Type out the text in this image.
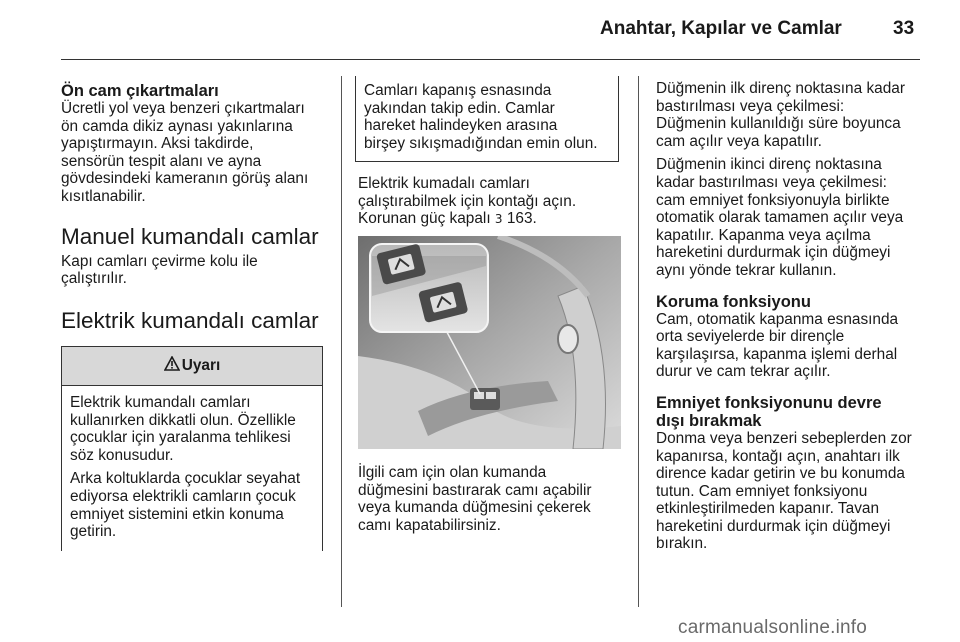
Anahtar, Kapılar ve Camlar	33
Ön cam çıkartmaları

Ücretli yol veya benzeri çıkartmaları

ön camda dikiz aynası yakınlarına

yapıştırmayın. Aksi takdirde,

sensörün tespit alanı ve ayna

gövdesindeki kameranın görüş alanı

kısıtlanabilir.

Manuel kumandalı camlar

Kapı camları çevirme kolu ile

çalıştırılır.

Elektrik kumandalı camlar
Uyarı

Elektrik kumandalı camları

kullanırken dikkatli olun. Özellikle

çocuklar için yaralanma tehlikesi

söz konusudur.

Arka koltuklarda çocuklar seyahat

ediyorsa elektrikli camların çocuk

emniyet sistemini etkin konuma

getirin.

Camları kapanış esnasında

yakından takip edin. Camlar

hareket halindeyken arasına

birşey sıkışmadığından emin olun.

Elektrik kumadalı camları

çalıştırabilmek için kontağı açın.

Korunan güç kapalı 3 163.

İlgili cam için olan kumanda

düğmesini bastırarak camı açabilir

veya kumanda düğmesini çekerek

camı kapatabilirsiniz.

Düğmenin ilk direnç noktasına kadar

bastırılması veya çekilmesi:

Düğmenin kullanıldığı süre boyunca

cam açılır veya kapatılır.

Düğmenin ikinci direnç noktasına

kadar bastırılması veya çekilmesi:

cam emniyet fonksiyonuyla birlikte

otomatik olarak tamamen açılır veya

kapatılır. Kapanma veya açılma

hareketini durdurmak için düğmeyi

aynı yönde tekrar kullanın.

Koruma fonksiyonu

Cam, otomatik kapanma esnasında

orta seviyelerde bir dirençle

karşılaşırsa, kapanma işlemi derhal

durur ve cam tekrar açılır.

Emniyet fonksiyonunu devre

dışı bırakmak

Donma veya benzeri sebeplerden zor

kapanırsa, kontağı açın, anahtarı ilk

dirence kadar getirin ve bu konumda

tutun. Cam emniyet fonksiyonu

etkinleştirilmeden kapanır. Tavan

hareketini durdurmak için düğmeyi

bırakın.

carmanualsonline.info
